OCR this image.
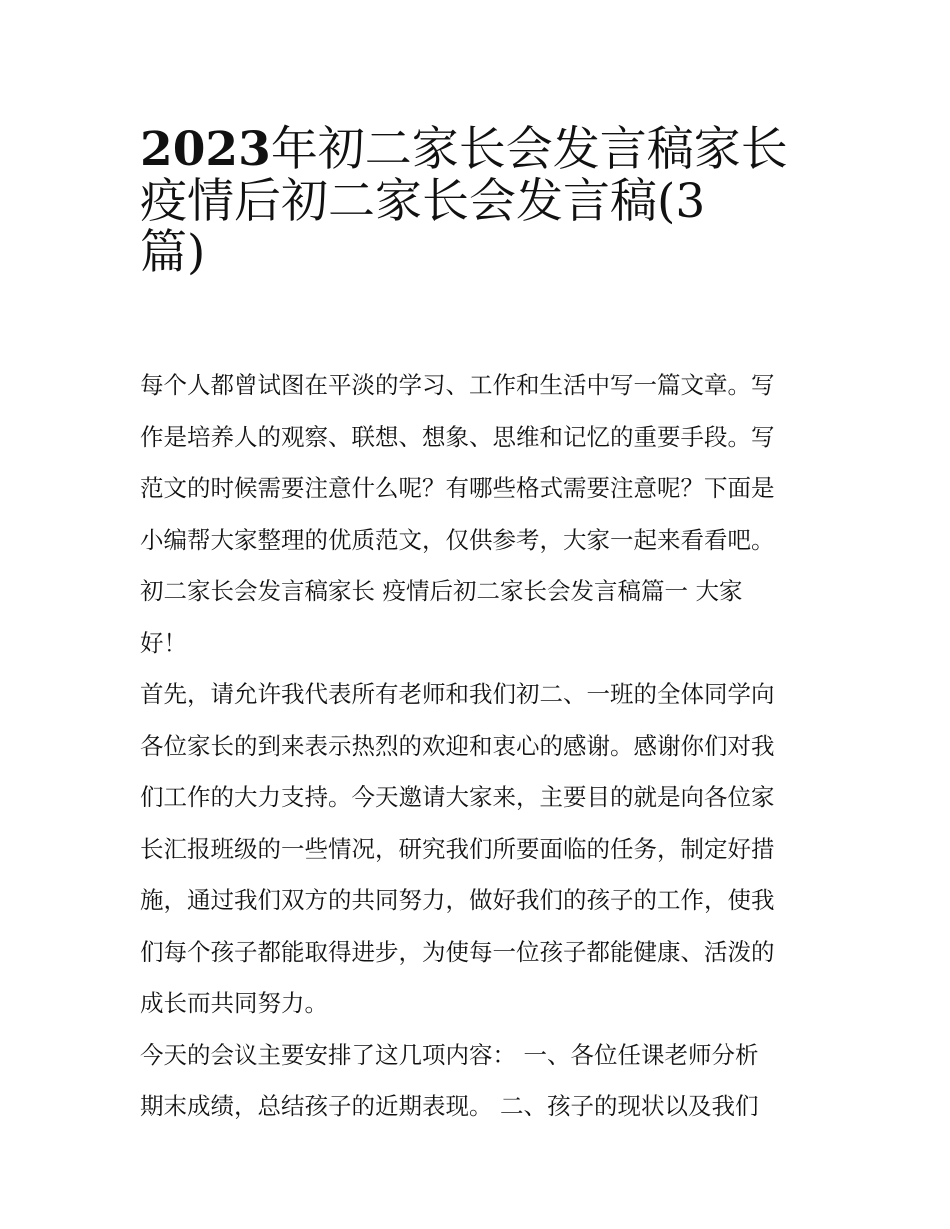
2023年初二家长会发言稿家长
疫情后初二家长会发言稿(3
篇)
每个人都曾试图在平淡的学习、工作和生活中写一篇文章。写
作是培养人的观察、联想、想象、思维和记忆的重要手段。写
范文的时候需要注意什么呢？有哪些格式需要注意呢？下面是
小编帮大家整理的优质范文，仅供参考，大家一起来看看吧。
初二家长会发言稿家长 疫情后初二家长会发言稿篇一 大家
好！
首先，请允许我代表所有老师和我们初二、一班的全体同学向
各位家长的到来表示热烈的欢迎和衷心的感谢。感谢你们对我
们工作的大力支持。今天邀请大家来，主要目的就是向各位家
长汇报班级的一些情况，研究我们所要面临的任务，制定好措
施，通过我们双方的共同努力，做好我们的孩子的工作，使我
们每个孩子都能取得进步，为使每一位孩子都能健康、活泼的
成长而共同努力。
今天的会议主要安排了这几项内容： 一、各位任课老师分析
期末成绩，总结孩子的近期表现。 二、孩子的现状以及我们
